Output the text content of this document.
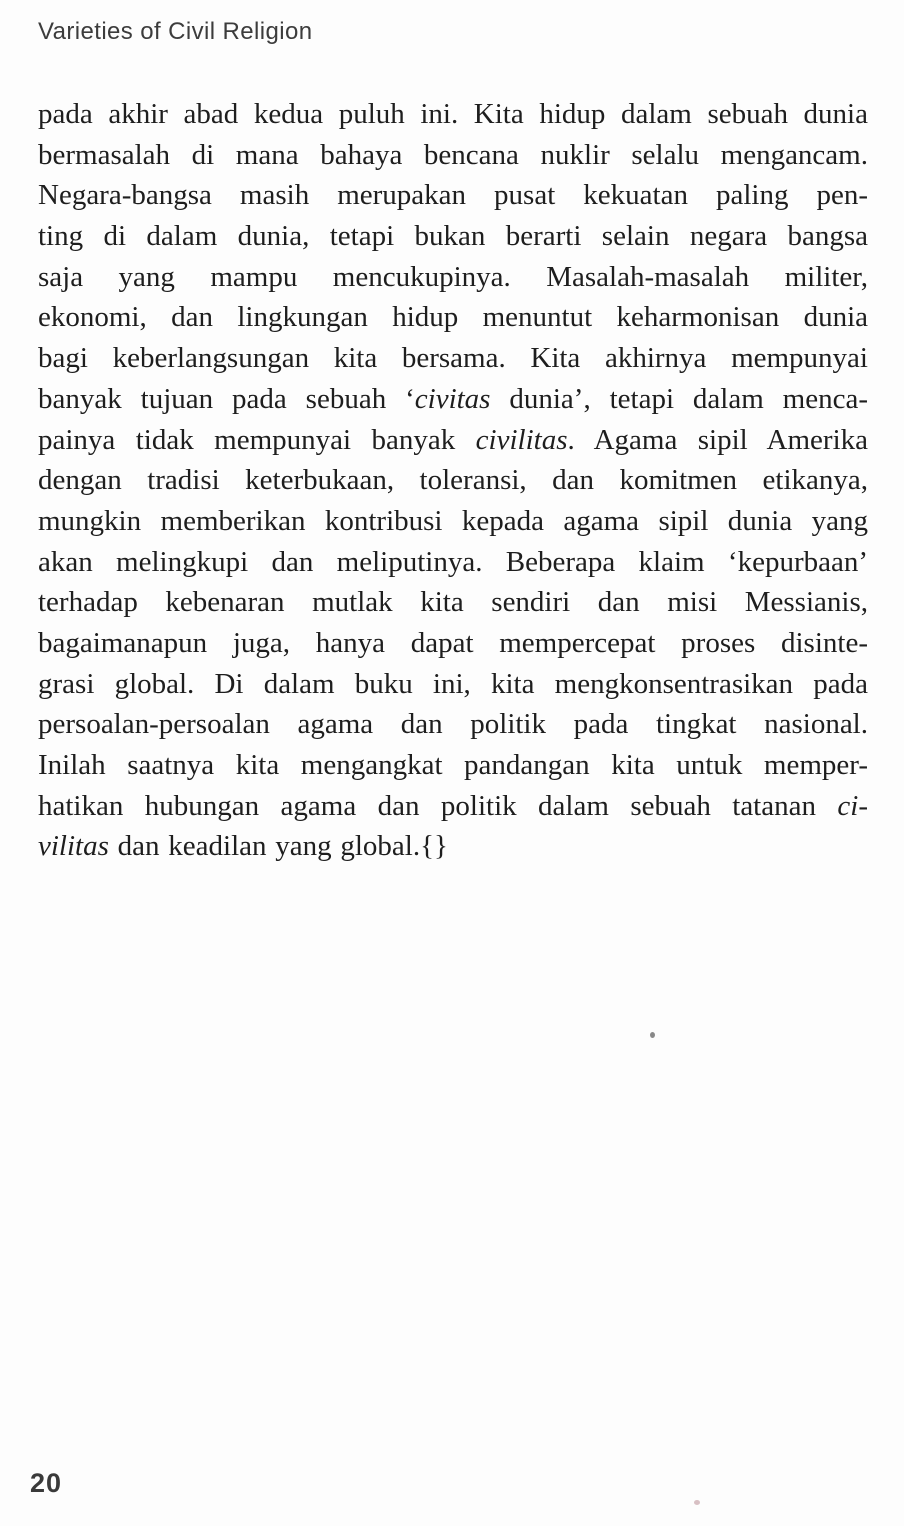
Varieties of Civil Religion
pada akhir abad kedua puluh ini. Kita hidup dalam sebuah dunia
bermasalah di mana bahaya bencana nuklir selalu mengancam.
Negara-bangsa masih merupakan pusat kekuatan paling pen-
ting di dalam dunia, tetapi bukan berarti selain negara bangsa
saja yang mampu mencukupinya. Masalah-masalah militer,
ekonomi, dan lingkungan hidup menuntut keharmonisan dunia
bagi keberlangsungan kita bersama. Kita akhirnya mempunyai
banyak tujuan pada sebuah ‘civitas dunia’, tetapi dalam menca-
painya tidak mempunyai banyak civilitas. Agama sipil Amerika
dengan tradisi keterbukaan, toleransi, dan komitmen etikanya,
mungkin memberikan kontribusi kepada agama sipil dunia yang
akan melingkupi dan meliputinya. Beberapa klaim ‘kepurbaan’
terhadap kebenaran mutlak kita sendiri dan misi Messianis,
bagaimanapun juga, hanya dapat mempercepat proses disinte-
grasi global. Di dalam buku ini, kita mengkonsentrasikan pada
persoalan-persoalan agama dan politik pada tingkat nasional.
Inilah saatnya kita mengangkat pandangan kita untuk memper-
hatikan hubungan agama dan politik dalam sebuah tatanan ci-
vilitas dan keadilan yang global.{}
20
